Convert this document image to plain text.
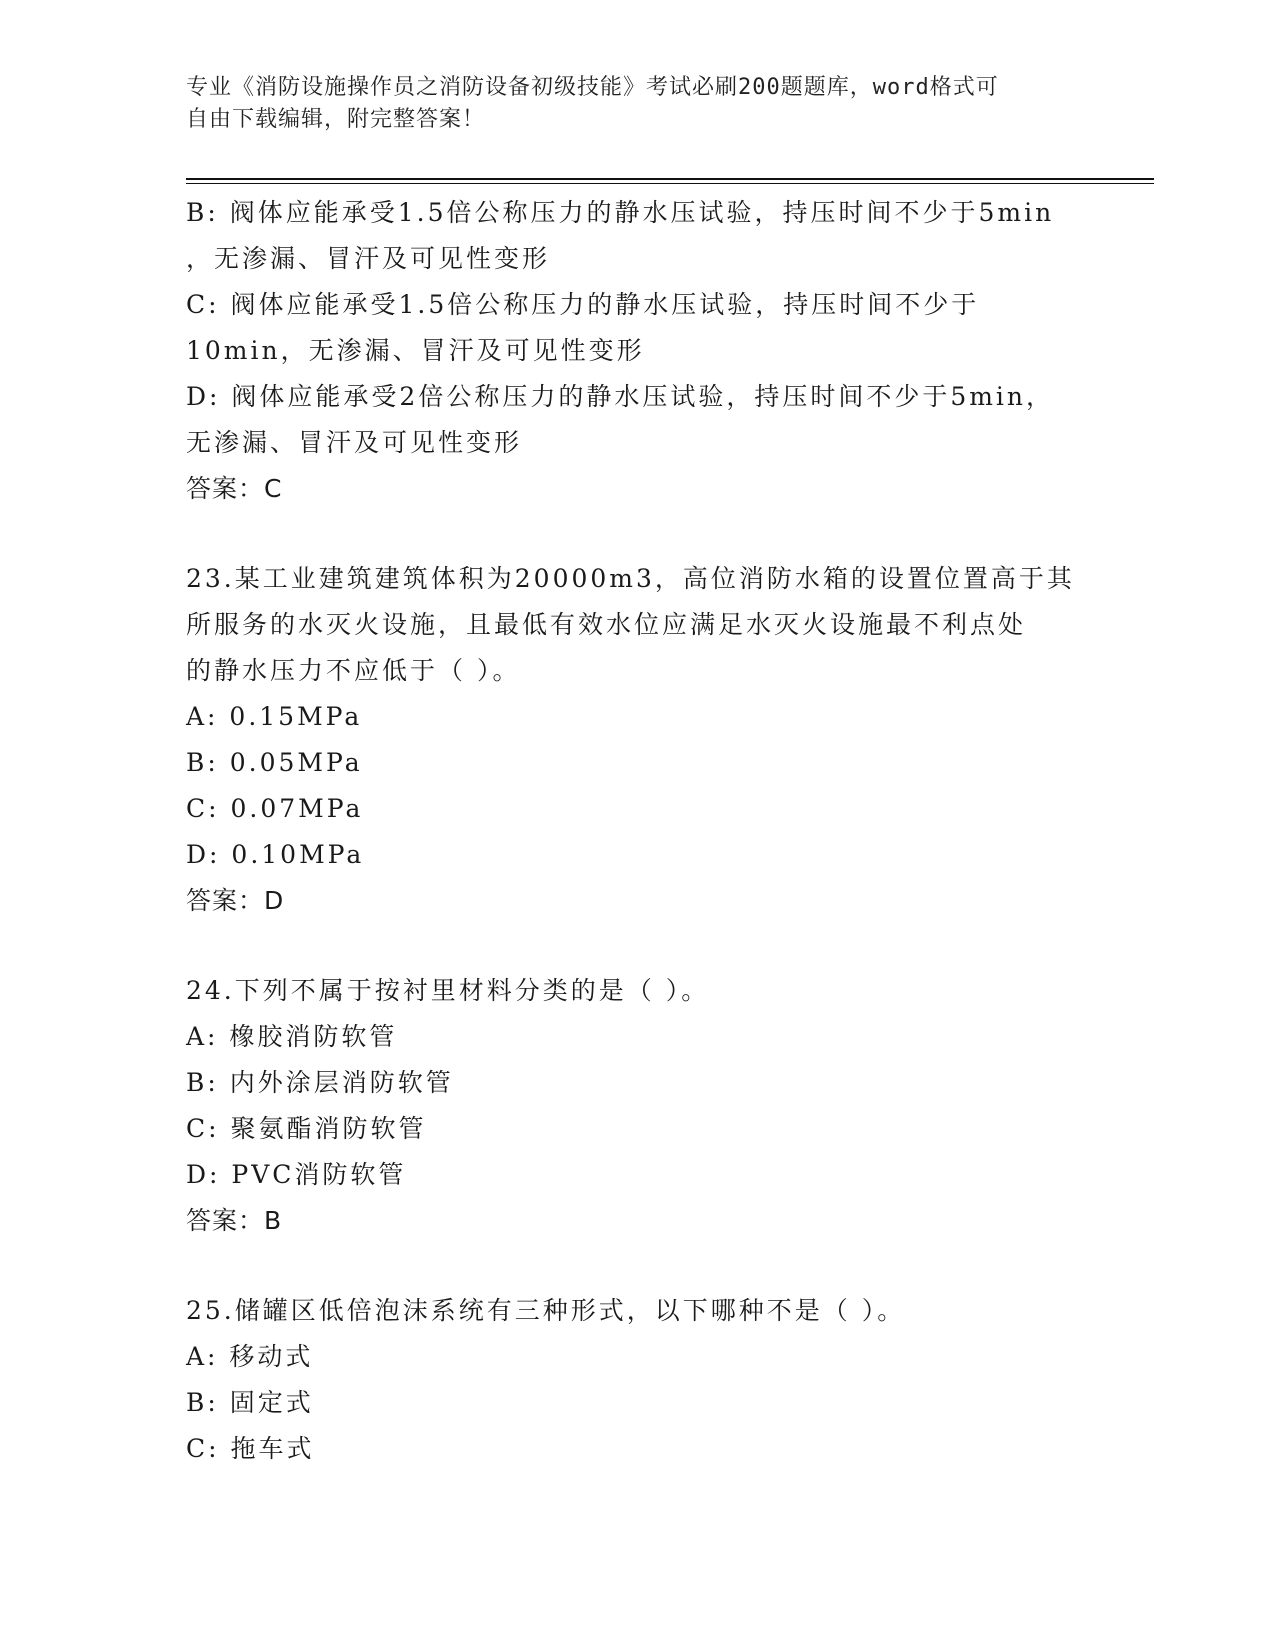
专业《消防设施操作员之消防设备初级技能》考试必刷200题题库，word格式可
自由下载编辑，附完整答案！
B: 阀体应能承受1.5倍公称压力的静水压试验，持压时间不少于5min
，无渗漏、冒汗及可见性变形
C: 阀体应能承受1.5倍公称压力的静水压试验，持压时间不少于
10min，无渗漏、冒汗及可见性变形
D: 阀体应能承受2倍公称压力的静水压试验，持压时间不少于5min，
无渗漏、冒汗及可见性变形
答案：C
23.某工业建筑建筑体积为20000m3，高位消防水箱的设置位置高于其
所服务的水灭火设施，且最低有效水位应满足水灭火设施最不利点处
的静水压力不应低于（ ）。
A: 0.15MPa
B: 0.05MPa
C: 0.07MPa
D: 0.10MPa
答案：D
24.下列不属于按衬里材料分类的是（ ）。
A: 橡胶消防软管
B: 内外涂层消防软管
C: 聚氨酯消防软管
D: PVC消防软管
答案：B
25.储罐区低倍泡沫系统有三种形式，以下哪种不是（ ）。
A: 移动式
B: 固定式
C: 拖车式
